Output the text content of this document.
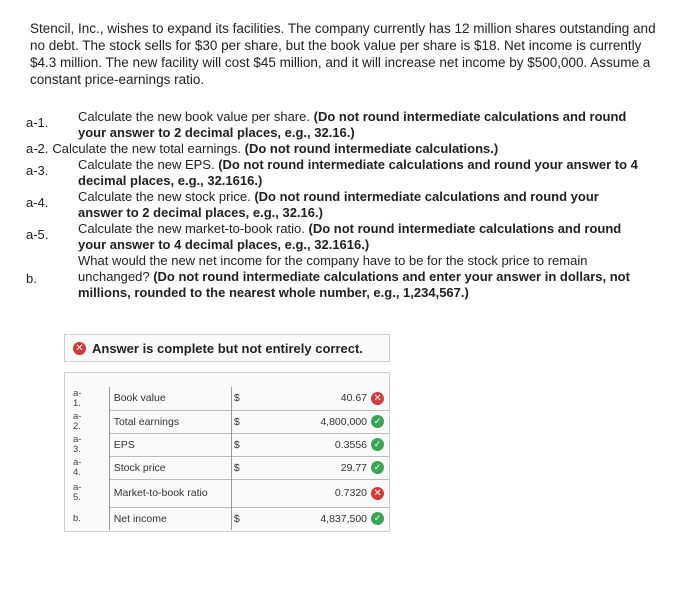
Stencil, Inc., wishes to expand its facilities. The company currently has 12 million shares outstanding and no debt. The stock sells for $30 per share, but the book value per share is $18. Net income is currently $4.3 million. The new facility will cost $45 million, and it will increase net income by $500,000. Assume a constant price-earnings ratio.
a-1.	Calculate the new book value per share. (Do not round intermediate calculations and round your answer to 2 decimal places, e.g., 32.16.)
a-2. Calculate the new total earnings. (Do not round intermediate calculations.)
a-3.	Calculate the new EPS. (Do not round intermediate calculations and round your answer to 4 decimal places, e.g., 32.1616.)
a-4.	Calculate the new stock price. (Do not round intermediate calculations and round your answer to 2 decimal places, e.g., 32.16.)
a-5.	Calculate the new market-to-book ratio. (Do not round intermediate calculations and round your answer to 4 decimal places, e.g., 32.1616.)
b.
What would the new net income for the company have to be for the stock price to remain unchanged? (Do not round intermediate calculations and enter your answer in dollars, not millions, rounded to the nearest whole number, e.g., 1,234,567.)
✕ Answer is complete but not entirely correct.
a-
1.	Book value	$	40.67	✕
a-
2.	Total earnings	$	4,800,000	✓
a-
3.	EPS	$	0.3556	✓
a-
4.	Stock price	$	29.77	✓
a-
5.	Market-to-book ratio		0.7320	✕
b.	Net income	$	4,837,500	✓
